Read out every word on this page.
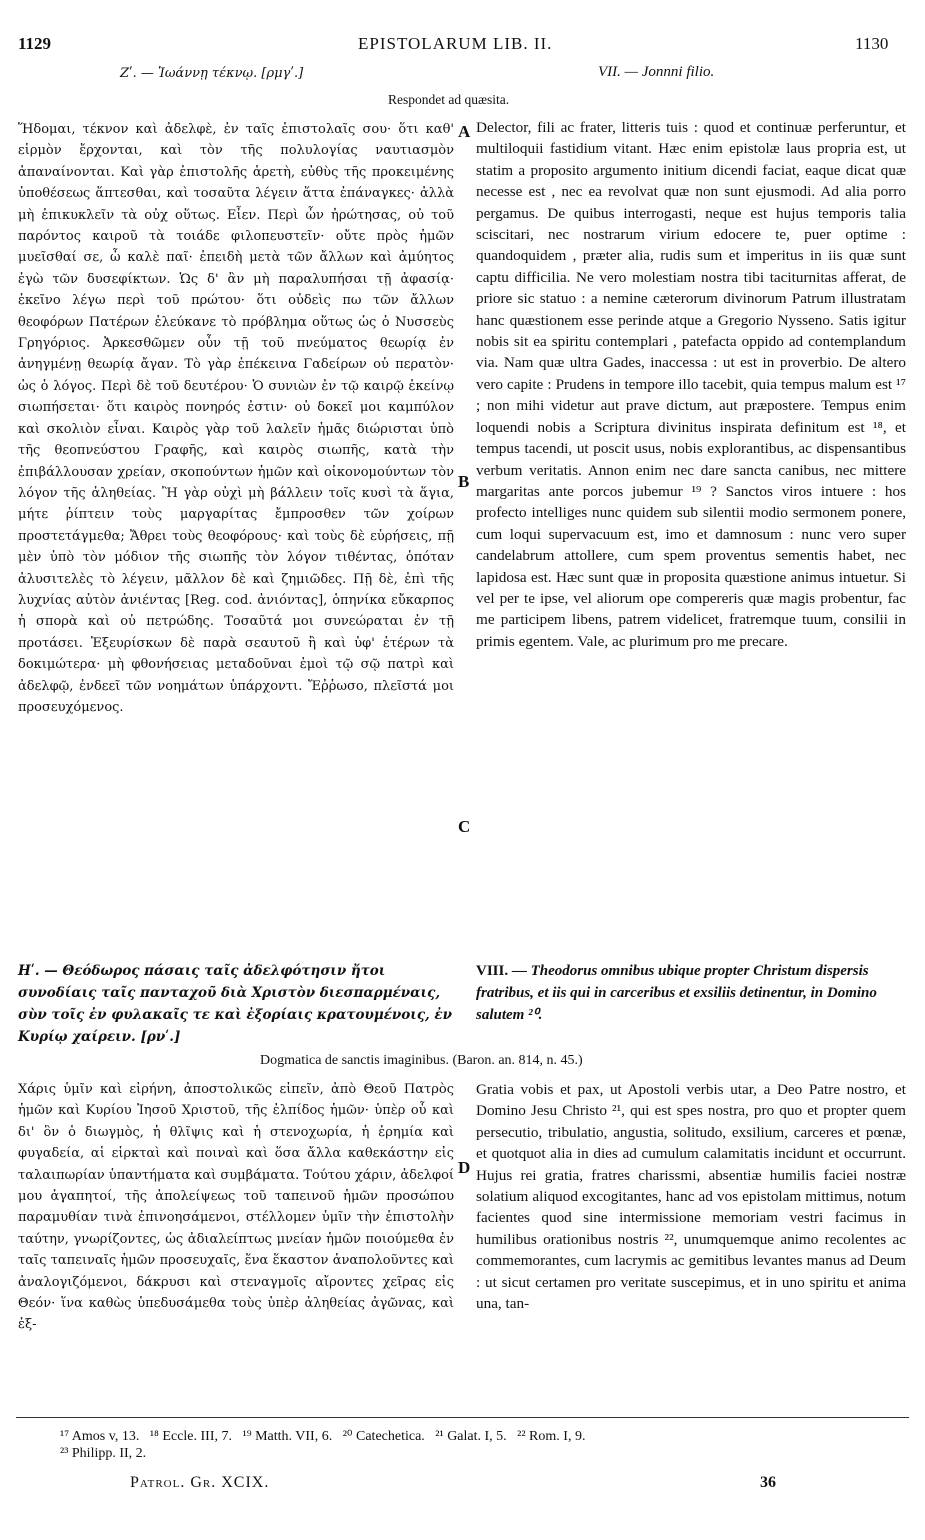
1129	EPISTOLARUM LIB. II.	1130
Ζʹ. — Ἰωάννῃ τέκνῳ. [ρμγʹ.]	VII. — Jonnni filio.
Respondet ad quæsita.

Ἥδομαι, τέκνον καὶ ἀδελφὲ, ἐν ταῖς ἐπιστολαῖς σου· ὅτι καθ' εἱρμὸν ἔρχονται, καὶ τὸν τῆς πολυλογίας ναυτιασμὸν ἀπαναίνονται. Καὶ γὰρ ἐπιστολῆς ἀρετὴ, εὐθὺς τῆς προκειμένης ὑποθέσεως ἅπτεσθαι, καὶ τοσαῦτα λέγειν ἅττα ἐπάναγκες· ἀλλὰ μὴ ἐπικυκλεῖν τὰ οὐχ οὕτως. Εἶεν. Περὶ ὧν ἠρώτησας, οὐ τοῦ παρόντος καιροῦ τὰ τοιάδε φιλοπευστεῖν· οὔτε πρὸς ἡμῶν μυεῖσθαί σε, ὦ καλὲ παῖ· ἐπειδὴ μετὰ τῶν ἄλλων καὶ ἀμύητος ἐγὼ τῶν δυσεφίκτων. Ὡς δ' ἂν μὴ παραλυπήσαι τῇ ἀφασίᾳ· ἐκεῖνο λέγω περὶ τοῦ πρώτου· ὅτι οὐδεὶς πω τῶν ἄλλων θεοφόρων Πατέρων ἐλεύκανε τὸ πρόβλημα οὕτως ὡς ὁ Νυσσεὺς Γρηγόριος. Ἀρκεσθῶμεν οὖν τῇ τοῦ πνεύματος θεωρίᾳ ἐν ἀνηγμένῃ θεωρίᾳ ἄγαν. Τὸ γὰρ ἐπέκεινα Γαδείρων οὐ περατὸν· ὡς ὁ λόγος. Περὶ δὲ τοῦ δευτέρου· Ὁ συνιὼν ἐν τῷ καιρῷ ἐκείνῳ σιωπήσεται· ὅτι καιρὸς πονηρός ἐστιν· οὐ δοκεῖ μοι καμπύλον καὶ σκολιὸν εἶναι. Καιρὸς γὰρ τοῦ λαλεῖν ἡμᾶς διώρισται ὑπὸ τῆς θεοπνεύστου Γραφῆς, καὶ καιρὸς σιωπῆς, κατὰ τὴν ἐπιβάλλουσαν χρείαν, σκοπούντων ἡμῶν καὶ οἰκονομούντων τὸν λόγον τῆς ἀληθείας. Ἢ γὰρ οὐχὶ μὴ βάλλειν τοῖς κυσὶ τὰ ἅγια, μήτε ῥίπτειν τοὺς μαργαρίτας ἔμπροσθεν τῶν χοίρων προστετάγμεθα; Ἄθρει τοὺς θεοφόρους· καὶ τοὺς δὲ εὑρήσεις, πῇ μὲν ὑπὸ τὸν μόδιον τῆς σιωπῆς τὸν λόγον τιθέντας, ὁπόταν ἀλυσιτελὲς τὸ λέγειν, μᾶλλον δὲ καὶ ζημιῶδες. Πῇ δὲ, ἐπὶ τῆς λυχνίας αὐτὸν ἀνιέντας [Reg. cod. ἀνιόντας], ὁπηνίκα εὔκαρπος ἡ σπορὰ καὶ οὐ πετρώδης. Τοσαῦτά μοι συνεώραται ἐν τῇ προτάσει. Ἐξευρίσκων δὲ παρὰ σεαυτοῦ ἢ καὶ ὑφ' ἑτέρων τὰ δοκιμώτερα· μὴ φθονήσειας μεταδοῦναι ἐμοὶ τῷ σῷ πατρὶ καὶ ἀδελφῷ, ἐνδεεῖ τῶν νοημάτων ὑπάρχοντι. Ἔῤῥωσο, πλεῖστά μοι προσευχόμενος.

Delector, fili ac frater, litteris tuis : quod et continuæ perferuntur, et multiloquii fastidium vitant. Hæc enim epistolæ laus propria est, ut statim a proposito argumento initium dicendi faciat, eaque dicat quæ necesse est , nec ea revolvat quæ non sunt ejusmodi. Ad alia porro pergamus. De quibus interrogasti, neque est hujus temporis talia sciscitari, nec nostrarum virium edocere te, puer optime : quandoquidem , præter alia, rudis sum et imperitus in iis quæ sunt captu difficilia. Ne vero molestiam nostra tibi taciturnitas afferat, de priore sic statuo : a nemine cæterorum divinorum Patrum illustratam hanc quæstionem esse perinde atque a Gregorio Nysseno. Satis igitur nobis sit ea spiritu contemplari , patefacta oppido ad contemplandum via. Nam quæ ultra Gades, inaccessa : ut est in proverbio. De altero vero capite : Prudens in tempore illo tacebit, quia tempus malum est ¹⁷ ; non mihi videtur aut prave dictum, aut præpostere. Tempus enim loquendi nobis a Scriptura divinitus inspirata definitum est ¹⁸, et tempus tacendi, ut poscit usus, nobis explorantibus, ac dispensantibus verbum veritatis. Annon enim nec dare sancta canibus, nec mittere margaritas ante porcos jubemur ¹⁹ ? Sanctos viros intuere : hos profecto intelliges nunc quidem sub silentii modio sermonem ponere, cum loqui supervacuum est, imo et damnosum : nunc vero super candelabrum attollere, cum spem proventus sementis habet, nec lapidosa est. Hæc sunt quæ in proposita quæstione animus intuetur. Si vel per te ipse, vel aliorum ope compereris quæ magis probentur, fac me participem libens, patrem videlicet, fratremque tuum, consilii in primis egentem. Vale, ac plurimum pro me precare.

A
B
C
D
Ηʹ. — Θεόδωρος πάσαις ταῖς ἀδελφότησιν ἤτοι συνοδίαις ταῖς πανταχοῦ διὰ Χριστὸν διεσπαρμέναις, σὺν τοῖς ἐν φυλακαῖς τε καὶ ἐξορίαις κρατουμένοις, ἐν Κυρίῳ χαίρειν. [ρνʹ.]
VIII. — Theodorus omnibus ubique propter Christum dispersis fratribus, et iis qui in carceribus et exsiliis detinentur, in Domino salutem ²⁰.
Dogmatica de sanctis imaginibus. (Baron. an. 814, n. 45.)

Χάρις ὑμῖν καὶ εἰρήνη, ἀποστολικῶς εἰπεῖν, ἀπὸ Θεοῦ Πατρὸς ἡμῶν καὶ Κυρίου Ἰησοῦ Χριστοῦ, τῆς ἐλπίδος ἡμῶν· ὑπὲρ οὗ καὶ δι' ὃν ὁ διωγμὸς, ἡ θλῖψις καὶ ἡ στενοχωρία, ἡ ἐρημία καὶ φυγαδεία, αἱ εἱρκταὶ καὶ ποιναὶ καὶ ὅσα ἄλλα καθεκάστην εἰς ταλαιπωρίαν ὑπαντήματα καὶ συμβάματα. Τούτου χάριν, ἀδελφοί μου ἀγαπητοί, τῆς ἀπολείψεως τοῦ ταπεινοῦ ἡμῶν προσώπου παραμυθίαν τινὰ ἐπινοησάμενοι, στέλλομεν ὑμῖν τὴν ἐπιστολὴν ταύτην, γνωρίζοντες, ὡς ἀδιαλείπτως μνείαν ἡμῶν ποιούμεθα ἐν ταῖς ταπειναῖς ἡμῶν προσευχαῖς, ἕνα ἕκαστον ἀναπολοῦντες καὶ ἀναλογιζόμενοι, δάκρυσι καὶ στεναγμοῖς αἴροντες χεῖρας εἰς Θεόν· ἵνα καθὼς ὑπεδυσάμεθα τοὺς ὑπὲρ ἀληθείας ἀγῶνας, καὶ ἐξ-

Gratia vobis et pax, ut Apostoli verbis utar, a Deo Patre nostro, et Domino Jesu Christo ²¹, qui est spes nostra, pro quo et propter quem persecutio, tribulatio, angustia, solitudo, exsilium, carceres et pœnæ, et quotquot alia in dies ad cumulum calamitatis incidunt et occurrunt. Hujus rei gratia, fratres charissmi, absentiæ humilis faciei nostræ solatium aliquod excogitantes, hanc ad vos epistolam mittimus, notum facientes quod sine intermissione memoriam vestri facimus in humilibus orationibus nostris ²², unumquemque animo recolentes ac commemorantes, cum lacrymis ac gemitibus levantes manus ad Deum : ut sicut certamen pro veritate suscepimus, et in uno spiritu et anima una, tan-

¹⁷ Amos v, 13.   ¹⁸ Eccle. III, 7.   ¹⁹ Matth. VII, 6.   ²⁰ Catechetica.   ²¹ Galat. I, 5.   ²² Rom. I, 9.
²³ Philipp. II, 2.
Patrol. Gr. XCIX.	36
